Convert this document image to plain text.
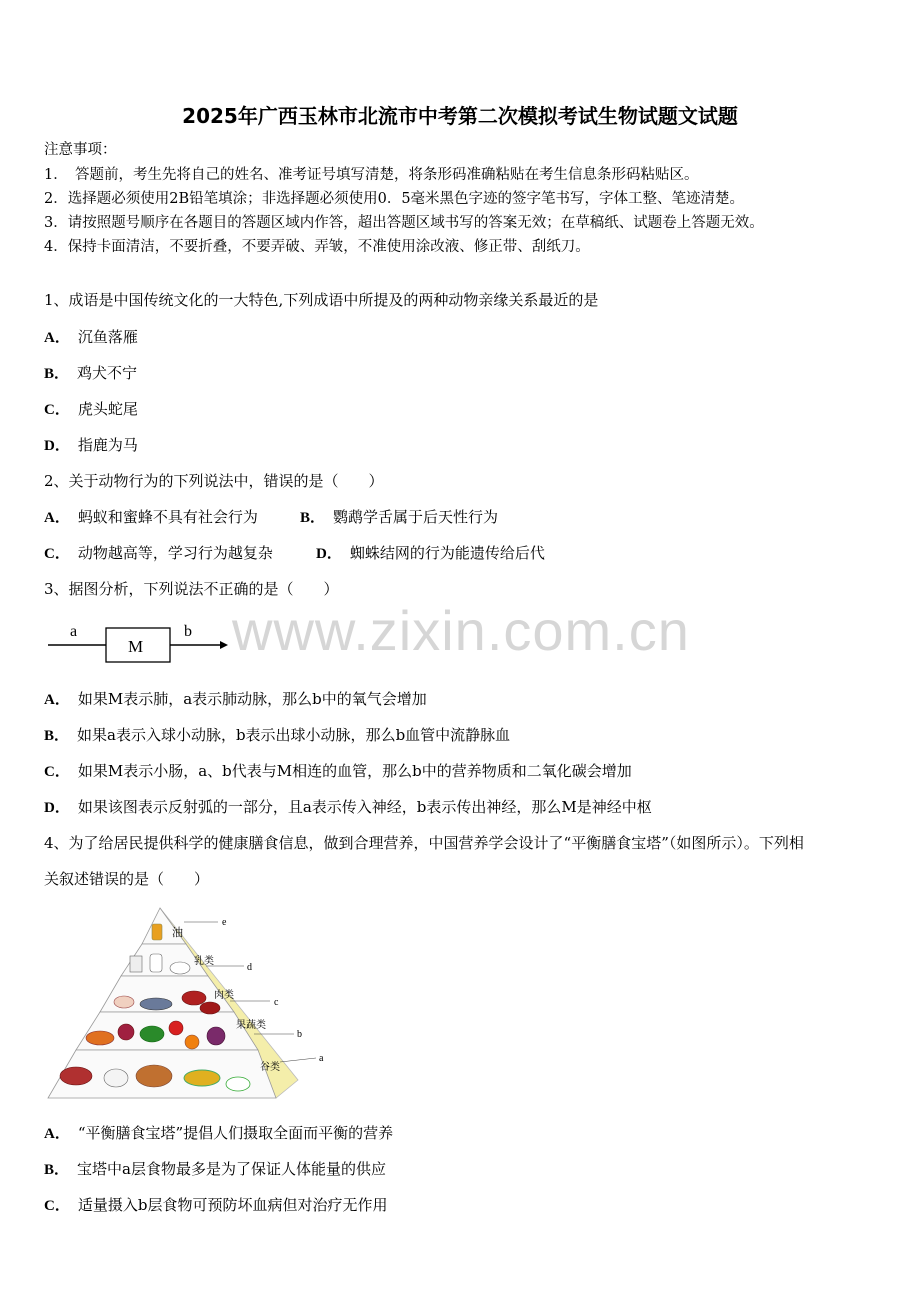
2025年广西玉林市北流市中考第二次模拟考试生物试题文试题
注意事项：
1．　答题前，考生先将自己的姓名、准考证号填写清楚，将条形码准确粘贴在考生信息条形码粘贴区。
2．选择题必须使用2B铅笔填涂；非选择题必须使用0．5毫米黑色字迹的签字笔书写，字体工整、笔迹清楚。
3．请按照题号顺序在各题目的答题区域内作答，超出答题区域书写的答案无效；在草稿纸、试题卷上答题无效。
4．保持卡面清洁，不要折叠，不要弄破、弄皱，不准使用涂改液、修正带、刮纸刀。
1、成语是中国传统文化的一大特色,下列成语中所提及的两种动物亲缘关系最近的是
A． 沉鱼落雁
B． 鸡犬不宁
C． 虎头蛇尾
D． 指鹿为马
2、关于动物行为的下列说法中，错误的是（　　）
A． 蚂蚁和蜜蜂不具有社会行为	B． 鹦鹉学舌属于后天性行为
C． 动物越高等，学习行为越复杂	D． 蜘蛛结网的行为能遗传给后代
3、据图分析，下列说法不正确的是（　　）
a
M
b www.zixin.com.cn
A． 如果M表示肺，a表示肺动脉，那么b中的氧气会增加
B． 如果a表示入球小动脉，b表示出球小动脉，那么b血管中流静脉血
C． 如果M表示小肠，a、b代表与M相连的血管，那么b中的营养物质和二氧化碳会增加
D． 如果该图表示反射弧的一部分，且a表示传入神经，b表示传出神经，那么M是神经中枢
4、为了给居民提供科学的健康膳食信息，做到合理营养，中国营养学会设计了“平衡膳食宝塔”（如图所示）。下列相
关叙述错误的是（　　）
油
乳类
肉类
果蔬类
谷类
e
d
c
b
a
A． “平衡膳食宝塔”提倡人们摄取全面而平衡的营养
B． 宝塔中a层食物最多是为了保证人体能量的供应
C． 适量摄入b层食物可预防坏血病但对治疗无作用
